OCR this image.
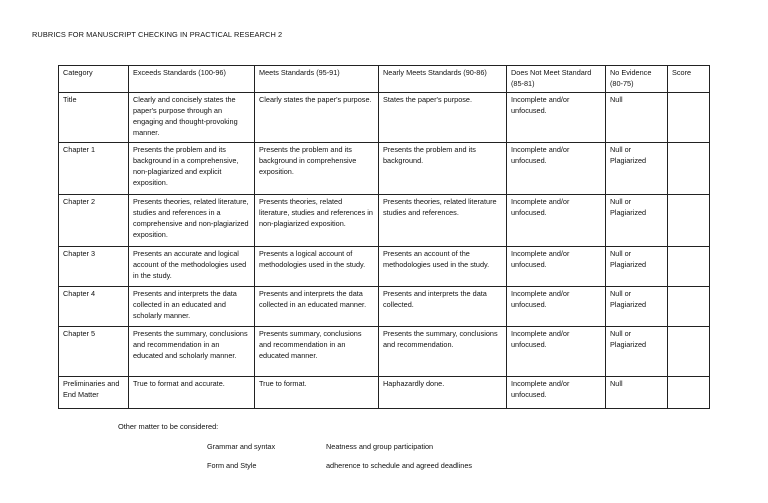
RUBRICS FOR MANUSCRIPT CHECKING IN PRACTICAL RESEARCH 2
Category	Exceeds Standards (100-96)	Meets Standards (95-91)	Nearly Meets Standards (90-86)	Does Not Meet Standard (85-81)	No Evidence (80-75)	Score
Title	Clearly and concisely states the paper's purpose through an engaging and thought-provoking manner.	Clearly states the paper's purpose.	States the paper's purpose.	Incomplete and/or unfocused.	Null	
Chapter 1	Presents the problem and its background in a comprehensive, non-plagiarized and explicit exposition.	Presents the problem and its background in comprehensive exposition.	Presents the problem and its background.	Incomplete and/or unfocused.	Null or Plagiarized	
Chapter 2	Presents theories, related literature, studies and references in a comprehensive and non-plagiarized exposition.	Presents theories, related literature, studies and references in non-plagiarized exposition.	Presents theories, related literature studies and references.	Incomplete and/or unfocused.	Null or Plagiarized	
Chapter 3	Presents an accurate and logical account of the methodologies used in the study.	Presents a logical account of methodologies used in the study.	Presents an account of the methodologies used in the study.	Incomplete and/or unfocused.	Null or Plagiarized	
Chapter 4	Presents and interprets the data collected in an educated and scholarly manner.	Presents and interprets the data collected in an educated manner.	Presents and interprets the data collected.	Incomplete and/or unfocused.	Null or Plagiarized	
Chapter 5	Presents the summary, conclusions and recommendation in an educated and scholarly manner.	Presents summary, conclusions and recommendation in an educated manner.	Presents the summary, conclusions and recommendation.	Incomplete and/or unfocused.	Null or Plagiarized	
Preliminaries and End Matter	True to format and accurate.	True to format.	Haphazardly done.	Incomplete and/or unfocused.	Null	
Other matter to be considered:
Grammar and syntax	Neatness and group participation
Form and Style	adherence to schedule and agreed deadlines
